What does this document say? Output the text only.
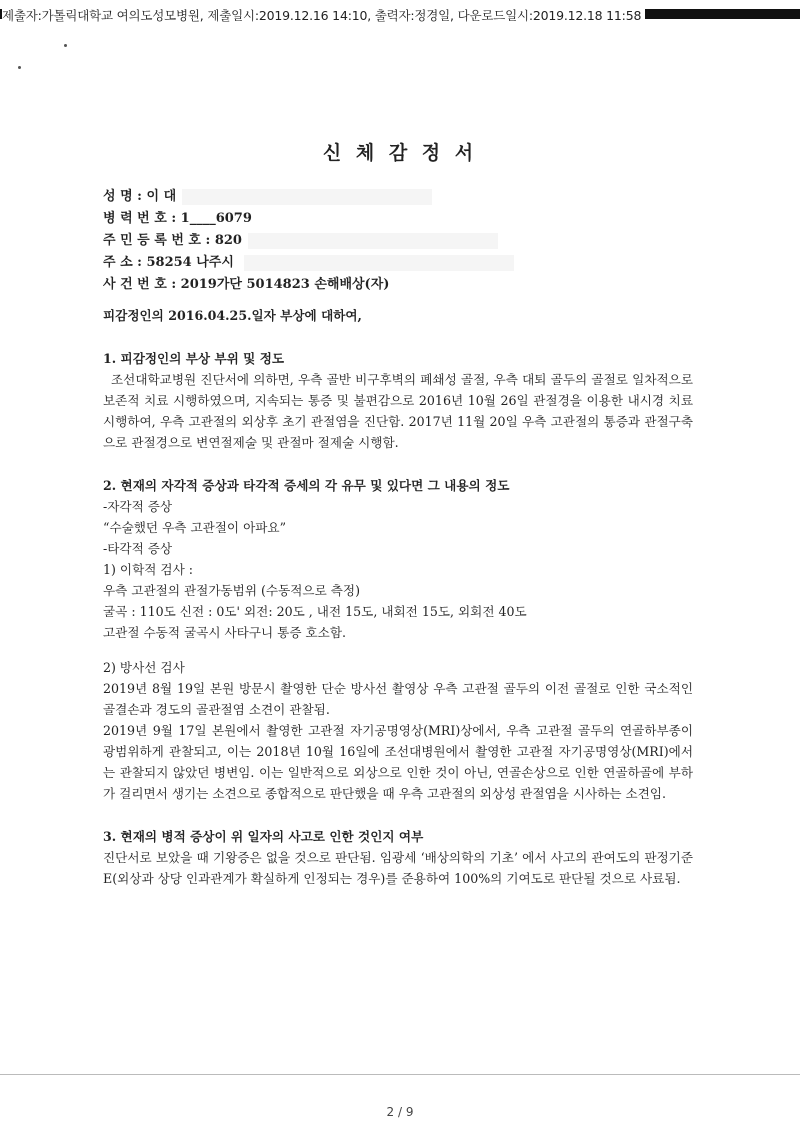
제출자:가톨릭대학교 여의도성모병원, 제출일시:2019.12.16 14:10, 출력자:정경일, 다운로드일시:2019.12.18 11:58
신 체 감 정 서
성 명 : 이 대
병 력 번 호 : 1____6079
주 민 등 록 번 호 : 820
주 소 : 58254 나주시
사 건 번 호 : 2019가단 5014823 손해배상(자)

피감정인의 2016.04.25.일자 부상에 대하여,

1. 피감정인의 부상 부위 및 정도

조선대학교병원 진단서에 의하면, 우측 골반 비구후벽의 폐쇄성 골절, 우측 대퇴 골두의 골절로 일차적으로 보존적 치료 시행하였으며, 지속되는 통증 및 불편감으로 2016년 10월 26일 관절경을 이용한 내시경 치료 시행하여, 우측 고관절의 외상후 초기 관절염을 진단함. 2017년 11월 20일 우측 고관절의 통증과 관절구축으로 관절경으로 변연절제술 및 관절마 절제술 시행함.

2. 현재의 자각적 증상과 타각적 증세의 각 유무 및 있다면 그 내용의 정도

-자각적 증상

“수술했던 우측 고관절이 아파요”

-타각적 증상

1) 이학적 검사 :

우측 고관절의 관절가동범위 (수동적으로 측정)

굴곡 : 110도 신전 : 0도' 외전: 20도 , 내전 15도, 내회전 15도, 외회전 40도

고관절 수동적 굴곡시 사타구니 통증 호소함.

2) 방사선 검사

2019년 8월 19일 본원 방문시 촬영한 단순 방사선 촬영상 우측 고관절 골두의 이전 골절로 인한 국소적인 골결손과 경도의 골관절염 소견이 관찰됨.

2019년 9월 17일 본원에서 촬영한 고관절 자기공명영상(MRI)상에서, 우측 고관절 골두의 연골하부종이 광범위하게 관찰되고, 이는 2018년 10월 16일에 조선대병원에서 촬영한 고관절 자기공명영상(MRI)에서는 관찰되지 않았던 병변임. 이는 일반적으로 외상으로 인한 것이 아닌, 연골손상으로 인한 연골하골에 부하가 걸리면서 생기는 소견으로 종합적으로 판단했을 때 우측 고관절의 외상성 관절염을 시사하는 소견임.

3. 현재의 병적 증상이 위 일자의 사고로 인한 것인지 여부

진단서로 보았을 때 기왕증은 없을 것으로 판단됨. 임광세 ‘배상의학의 기초’ 에서 사고의 관여도의 판정기준 E(외상과 상당 인과관계가 확실하게 인정되는 경우)를 준용하여 100%의 기여도로 판단될 것으로 사료됨.

2 / 9
